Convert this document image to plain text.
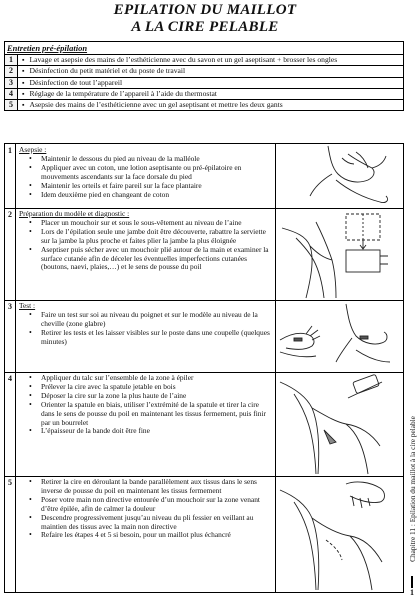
EPILATION DU MAILLOT
A LA CIRE PELABLE
Entretien pré-épilation
1	▪ Lavage et asepsie des mains de l’esthéticienne avec du savon et un gel aseptisant + brosser les ongles
2	▪ Désinfection du petit matériel et du poste de travail
3	▪ Désinfection de tout l’appareil
4	▪ Réglage de la température de l’appareil à l’aide du thermostat
5	▪ Asepsie des mains de l’esthéticienne avec un gel aseptisant et mettre les deux gants
1 Asepsie :
• Maintenir le dessous du pied au niveau de la malléole
• Appliquer avec un coton, une lotion aseptisante ou pré-épilatoire en mouvements ascendants sur la face dorsale du pied
• Maintenir les orteils et faire pareil sur la face plantaire
• Idem deuxième pied en changeant de coton
2 Préparation du modèle et diagnostic :
• Placer un mouchoir sur et sous le sous-vêtement au niveau de l’aine
• Lors de l’épilation seule une jambe doit être découverte, rabattre la serviette sur la jambe la plus proche et faites plier la jambe la plus éloignée
• Aseptiser puis sécher avec un mouchoir plié autour de la main et examiner la surface cutanée afin de déceler les éventuelles imperfections cutanées (boutons, naevi, plaies,…) et le sens de pousse du poil
3 Test :
• Faire un test sur soi au niveau du poignet et sur le modèle au niveau de la cheville (zone glabre)
• Retirer les tests et les laisser visibles sur le poste dans une coupelle (quelques minutes)
4	• Appliquer du talc sur l’ensemble de la zone à épiler
• Prélever la cire avec la spatule jetable en bois
• Déposer la cire sur la zone la plus haute de l’aine
• Orienter la spatule en biais, utiliser l’extrémité de la spatule et tirer la cire dans le sens de pousse du poil en maintenant les tissus fermement, puis finir par un bourrelet
• L’épaisseur de la bande doit être fine
5	• Retirer la cire en déroulant la bande parallèlement aux tissus dans le sens inverse de pousse du poil en maintenant les tissus fermement
• Poser votre main non directive entourée d’un mouchoir sur la zone venant d’être épilée, afin de calmer la douleur
• Descendre progressivement jusqu’au niveau du pli fessier en veillant au maintien des tissus avec la main non directive
• Refaire les étapes 4 et 5 si besoin, pour un maillot plus échancré	Chapitre 11 : Epilation du maillot à la cire pelable
1
